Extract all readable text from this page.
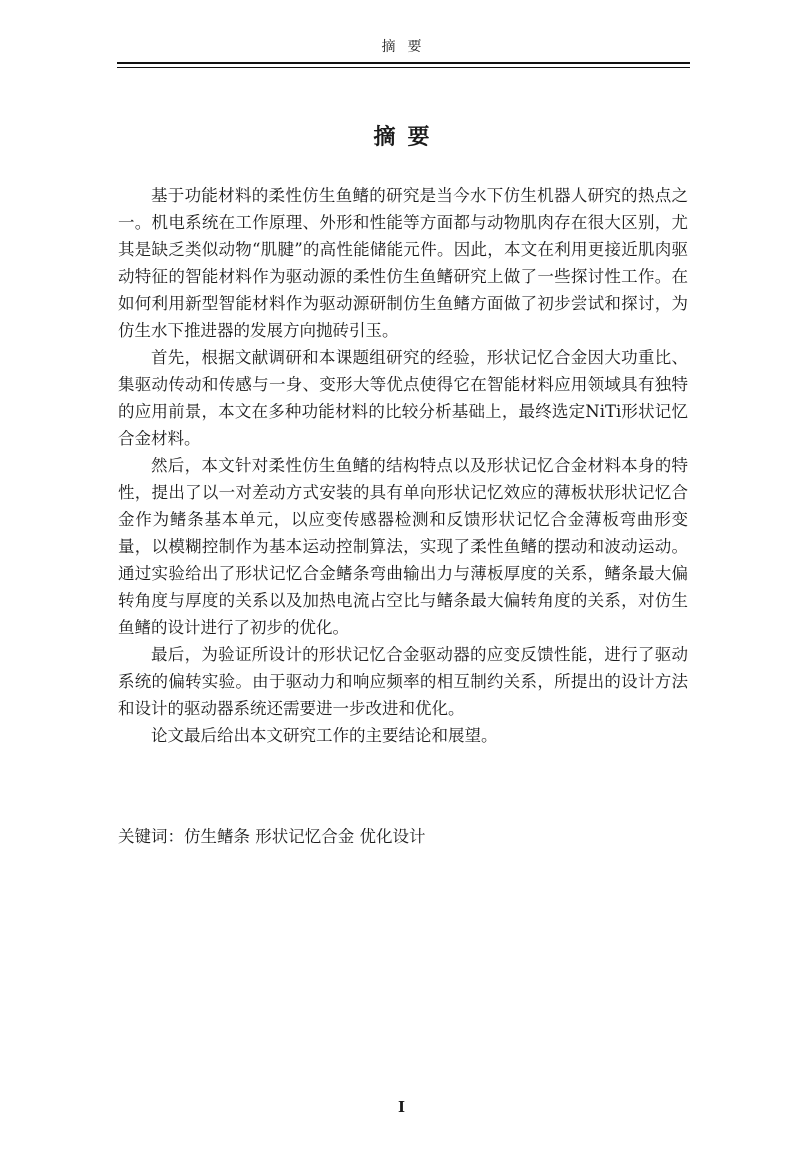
摘要
摘要

基于功能材料的柔性仿生鱼鳍的研究是当今水下仿生机器人研究的热点之一。机电系统在工作原理、外形和性能等方面都与动物肌肉存在很大区别，尤其是缺乏类似动物“肌腱”的高性能储能元件。因此，本文在利用更接近肌肉驱动特征的智能材料作为驱动源的柔性仿生鱼鳍研究上做了一些探讨性工作。在如何利用新型智能材料作为驱动源研制仿生鱼鳍方面做了初步尝试和探讨，为仿生水下推进器的发展方向抛砖引玉。

首先，根据文献调研和本课题组研究的经验，形状记忆合金因大功重比、集驱动传动和传感与一身、变形大等优点使得它在智能材料应用领域具有独特的应用前景，本文在多种功能材料的比较分析基础上，最终选定NiTi形状记忆合金材料。

然后，本文针对柔性仿生鱼鳍的结构特点以及形状记忆合金材料本身的特性，提出了以一对差动方式安装的具有单向形状记忆效应的薄板状形状记忆合金作为鳍条基本单元，以应变传感器检测和反馈形状记忆合金薄板弯曲形变量，以模糊控制作为基本运动控制算法，实现了柔性鱼鳍的摆动和波动运动。通过实验给出了形状记忆合金鳍条弯曲输出力与薄板厚度的关系，鳍条最大偏转角度与厚度的关系以及加热电流占空比与鳍条最大偏转角度的关系，对仿生鱼鳍的设计进行了初步的优化。

最后，为验证所设计的形状记忆合金驱动器的应变反馈性能，进行了驱动系统的偏转实验。由于驱动力和响应频率的相互制约关系，所提出的设计方法和设计的驱动器系统还需要进一步改进和优化。

论文最后给出本文研究工作的主要结论和展望。

关键词：仿生鳍条 形状记忆合金 优化设计
I
